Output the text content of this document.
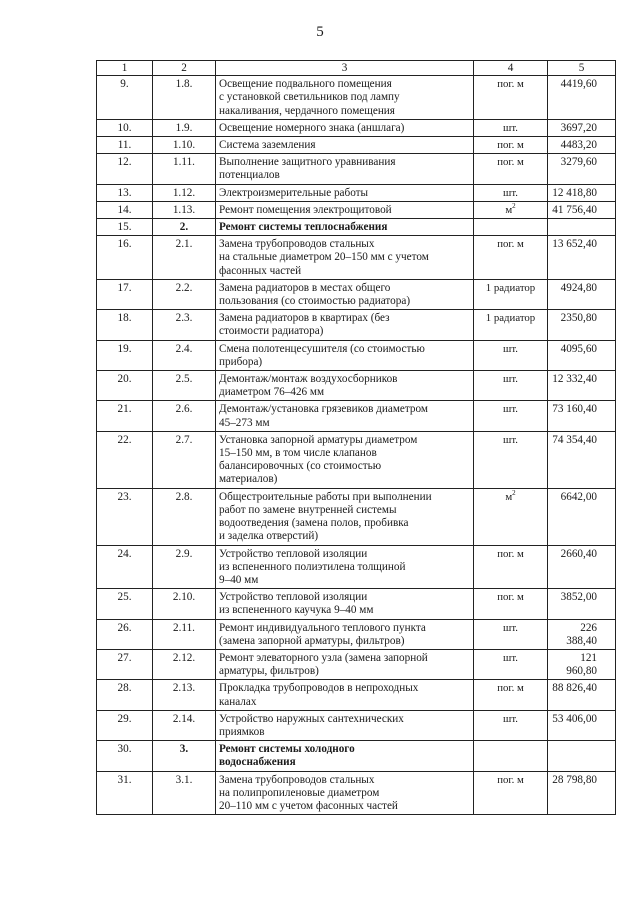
5
1	2	3	4	5
9.	1.8.	Освещение подвального помещения
с установкой светильников под лампу
накаливания, чердачного помещения	пог. м	4419,60
10.	1.9.	Освещение номерного знака (аншлага)	шт.	3697,20
11.	1.10.	Система заземления	пог. м	4483,20
12.	1.11.	Выполнение защитного уравнивания
потенциалов	пог. м	3279,60
13.	1.12.	Электроизмерительные работы	шт.	12 418,80
14.	1.13.	Ремонт помещения электрощитовой	$м^2$	41 756,40
15.	2.	Ремонт системы теплоснабжения		
16.	2.1.	Замена трубопроводов стальных
на стальные диаметром 20–150 мм с учетом
фасонных частей	пог. м	13 652,40
17.	2.2.	Замена радиаторов в местах общего
пользования (со стоимостью радиатора)	1 радиатор	4924,80
18.	2.3.	Замена радиаторов в квартирах (без
стоимости радиатора)	1 радиатор	2350,80
19.	2.4.	Смена полотенцесушителя (со стоимостью
прибора)	шт.	4095,60
20.	2.5.	Демонтаж/монтаж воздухосборников
диаметром 76–426 мм	шт.	12 332,40
21.	2.6.	Демонтаж/установка грязевиков диаметром
45–273 мм	шт.	73 160,40
22.	2.7.	Установка запорной арматуры диаметром
15–150 мм, в том числе клапанов
балансировочных (со стоимостью
материалов)	шт.	74 354,40
23.	2.8.	Общестроительные работы при выполнении
работ по замене внутренней системы
водоотведения (замена полов, пробивка
и заделка отверстий)	$м^2$	6642,00
24.	2.9.	Устройство тепловой изоляции
из вспененного полиэтилена толщиной
9–40 мм	пог. м	2660,40
25.	2.10.	Устройство тепловой изоляции
из вспененного каучука 9–40 мм	пог. м	3852,00
26.	2.11.	Ремонт индивидуального теплового пункта
(замена запорной арматуры, фильтров)	шт.	226 388,40
27.	2.12.	Ремонт элеваторного узла (замена запорной
арматуры, фильтров)	шт.	121 960,80
28.	2.13.	Прокладка трубопроводов в непроходных
каналах	пог. м	88 826,40
29.	2.14.	Устройство наружных сантехнических
приямков	шт.	53 406,00
30.	3.	Ремонт системы холодного
водоснабжения		
31.	3.1.	Замена трубопроводов стальных
на полипропиленовые диаметром
20–110 мм с учетом фасонных частей	пог. м	28 798,80
